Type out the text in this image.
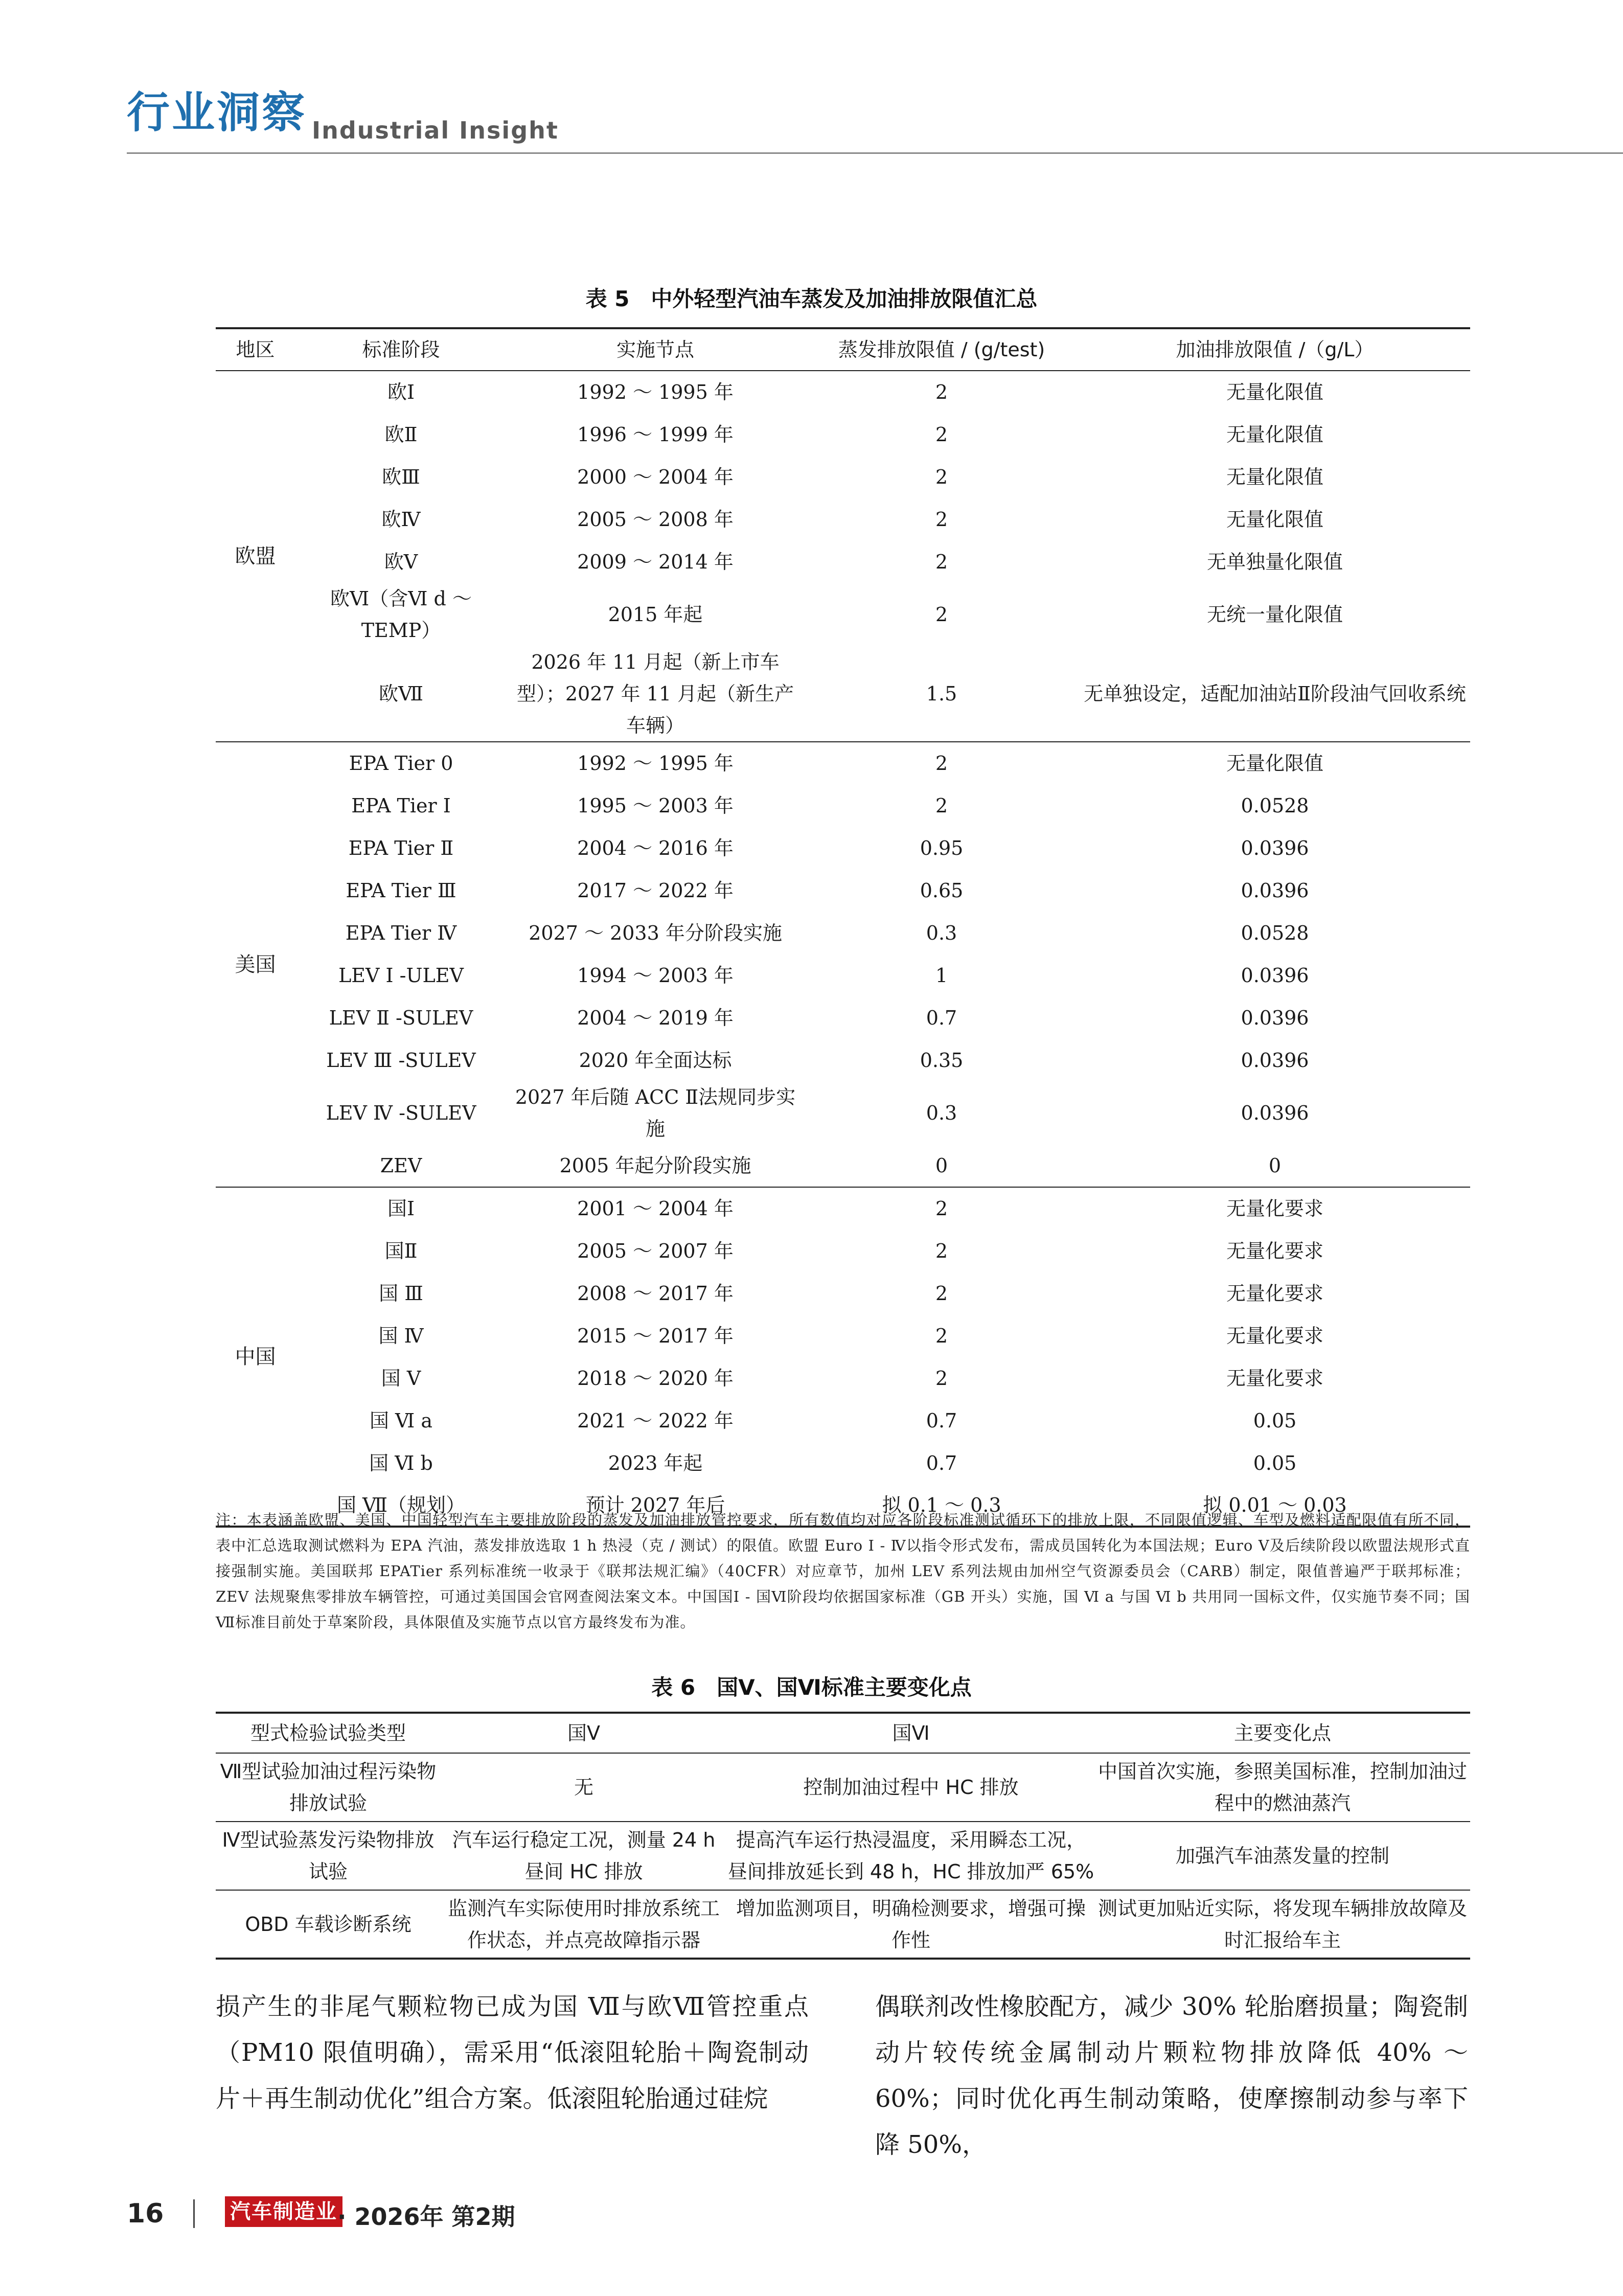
行业洞察 Industrial Insight
表 5　中外轻型汽油车蒸发及加油排放限值汇总
地区	标准阶段	实施节点	蒸发排放限值 / (g/test)	加油排放限值 /（g/L）
欧盟	欧Ⅰ	1992 ～ 1995 年	2	无量化限值
	欧Ⅱ	1996 ～ 1999 年	2	无量化限值
	欧Ⅲ	2000 ～ 2004 年	2	无量化限值
	欧Ⅳ	2005 ～ 2008 年	2	无量化限值
	欧Ⅴ	2009 ～ 2014 年	2	无单独量化限值
	欧Ⅵ（含Ⅵ d ～ TEMP）	2015 年起	2	无统一量化限值
	欧Ⅶ	2026 年 11 月起（新上市车型）；2027 年 11 月起（新生产车辆）	1.5	无单独设定，适配加油站Ⅱ阶段油气回收系统
美国	EPA Tier 0	1992 ～ 1995 年	2	无量化限值
	EPA Tier Ⅰ	1995 ～ 2003 年	2	0.0528
	EPA Tier Ⅱ	2004 ～ 2016 年	0.95	0.0396
	EPA Tier Ⅲ	2017 ～ 2022 年	0.65	0.0396
	EPA Tier Ⅳ	2027 ～ 2033 年分阶段实施	0.3	0.0528
	LEV Ⅰ -ULEV	1994 ～ 2003 年	1	0.0396
	LEV Ⅱ -SULEV	2004 ～ 2019 年	0.7	0.0396
	LEV Ⅲ -SULEV	2020 年全面达标	0.35	0.0396
	LEV Ⅳ -SULEV	2027 年后随 ACC Ⅱ法规同步实施	0.3	0.0396
	ZEV	2005 年起分阶段实施	0	0
中国	国Ⅰ	2001 ～ 2004 年	2	无量化要求
	国Ⅱ	2005 ～ 2007 年	2	无量化要求
	国 Ⅲ	2008 ～ 2017 年	2	无量化要求
	国 Ⅳ	2015 ～ 2017 年	2	无量化要求
	国 Ⅴ	2018 ～ 2020 年	2	无量化要求
	国 Ⅵ a	2021 ～ 2022 年	0.7	0.05
	国 Ⅵ b	2023 年起	0.7	0.05
	国 Ⅶ（规划）	预计 2027 年后	拟 0.1 ～ 0.3	拟 0.01 ～ 0.03
注：本表涵盖欧盟、美国、中国轻型汽车主要排放阶段的蒸发及加油排放管控要求，所有数值均对应各阶段标准测试循环下的排放上限，不同限值逻辑、车型及燃料适配限值有所不同，表中汇总选取测试燃料为 EPA 汽油，蒸发排放选取 1 h 热浸（克 / 测试）的限值。欧盟 Euro Ⅰ - Ⅳ以指令形式发布，需成员国转化为本国法规；Euro Ⅴ及后续阶段以欧盟法规形式直接强制实施。美国联邦 EPATier 系列标准统一收录于《联邦法规汇编》（40CFR）对应章节，加州 LEV 系列法规由加州空气资源委员会（CARB）制定，限值普遍严于联邦标准；ZEV 法规聚焦零排放车辆管控，可通过美国国会官网查阅法案文本。中国国Ⅰ - 国Ⅵ阶段均依据国家标准（GB 开头）实施，国 Ⅵ a 与国 Ⅵ b 共用同一国标文件，仅实施节奏不同；国Ⅶ标准目前处于草案阶段，具体限值及实施节点以官方最终发布为准。
表 6　国Ⅴ、国Ⅵ标准主要变化点
型式检验试验类型	国Ⅴ	国Ⅵ	主要变化点
Ⅶ型试验加油过程污染物排放试验	无	控制加油过程中 HC 排放	中国首次实施，参照美国标准，控制加油过程中的燃油蒸汽
Ⅳ型试验蒸发污染物排放试验	汽车运行稳定工况，测量 24 h 昼间 HC 排放	提高汽车运行热浸温度，采用瞬态工况，昼间排放延长到 48 h，HC 排放加严 65%	加强汽车油蒸发量的控制
OBD 车载诊断系统	监测汽车实际使用时排放系统工作状态，并点亮故障指示器	增加监测项目，明确检测要求，增强可操作性	测试更加贴近实际，将发现车辆排放故障及时汇报给车主
损产生的非尾气颗粒物已成为国 Ⅶ与欧Ⅶ管控重点（PM10 限值明确），需采用“低滚阻轮胎＋陶瓷制动片＋再生制动优化”组合方案。低滚阻轮胎通过硅烷
偶联剂改性橡胶配方，减少 30% 轮胎磨损量；陶瓷制动片较传统金属制动片颗粒物排放降低 40% ～ 60%；同时优化再生制动策略，使摩擦制动参与率下降 50%，
16	汽车制造业 · 2026年 第2期
